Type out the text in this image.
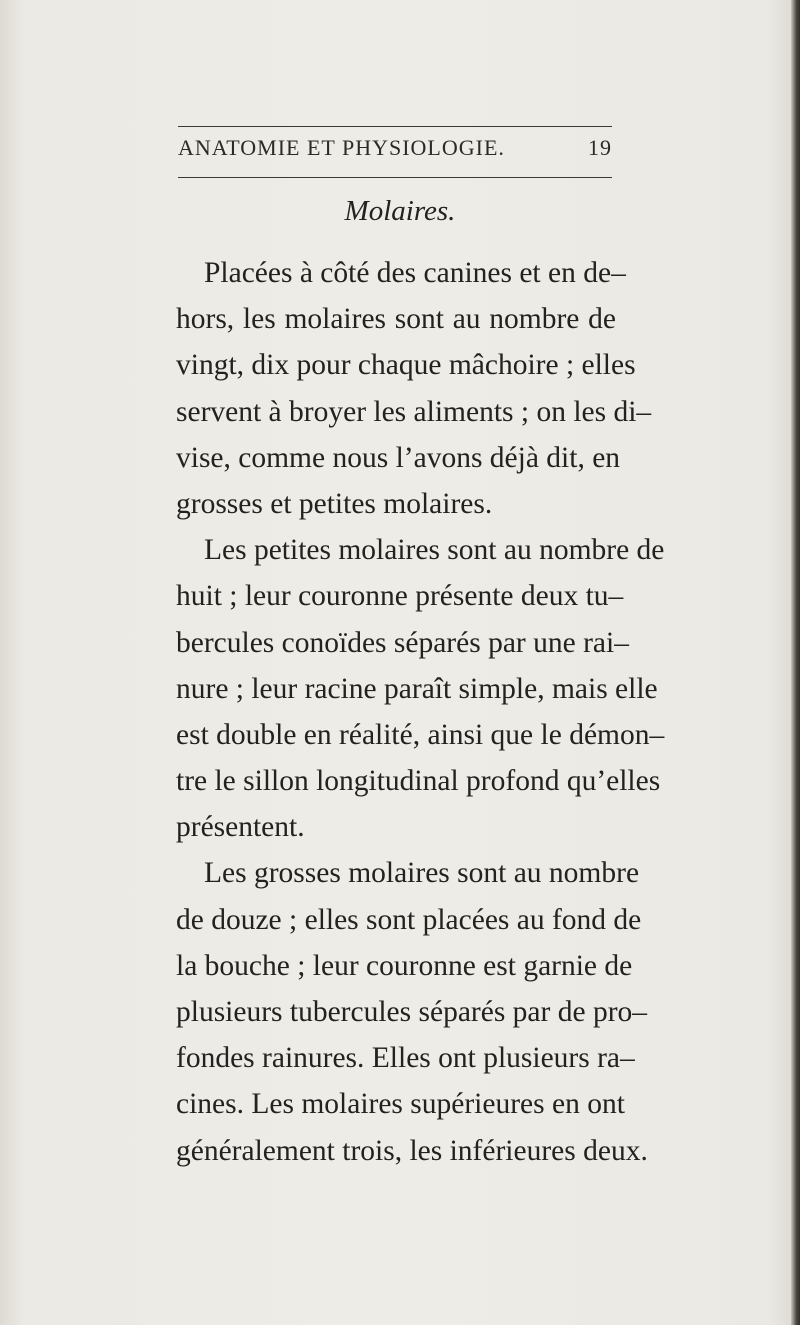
ANATOMIE ET PHYSIOLOGIE.	19
Molaires.
Placées à côté des canines et en de–
hors, les molaires sont au nombre de
vingt, dix pour chaque mâchoire ; elles
servent à broyer les aliments ; on les di–
vise, comme nous l’avons déjà dit, en
grosses et petites molaires.
Les petites molaires sont au nombre de
huit ; leur couronne présente deux tu–
bercules conoïdes séparés par une rai–
nure ; leur racine paraît simple, mais elle
est double en réalité, ainsi que le démon–
tre le sillon longitudinal profond qu’elles
présentent.
Les grosses molaires sont au nombre
de douze ; elles sont placées au fond de
la bouche ; leur couronne est garnie de
plusieurs tubercules séparés par de pro–
fondes rainures. Elles ont plusieurs ra–
cines. Les molaires supérieures en ont
généralement trois, les inférieures deux.
